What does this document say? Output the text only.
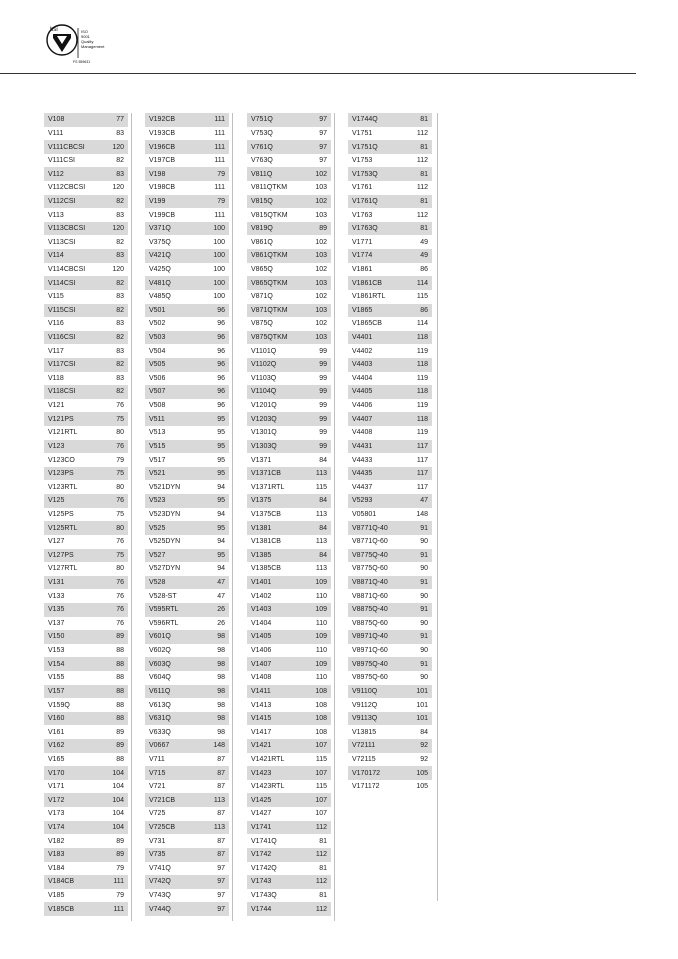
bsi	ISO
9001
Quality
Management
FS 559631
V108	77
V111	83
V111CBCSI	120
V111CSI	82
V112	83
V112CBCSI	120
V112CSI	82
V113	83
V113CBCSI	120
V113CSI	82
V114	83
V114CBCSI	120
V114CSI	82
V115	83
V115CSI	82
V116	83
V116CSI	82
V117	83
V117CSI	82
V118	83
V118CSI	82
V121	76
V121PS	75
V121RTL	80
V123	76
V123CO	79
V123PS	75
V123RTL	80
V125	76
V125PS	75
V125RTL	80
V127	76
V127PS	75
V127RTL	80
V131	76
V133	76
V135	76
V137	76
V150	89
V153	88
V154	88
V155	88
V157	88
V159Q	88
V160	88
V161	89
V162	89
V165	88
V170	104
V171	104
V172	104
V173	104
V174	104
V182	89
V183	89
V184	79
V184CB	111
V185	79
V185CB	111
V192CB	111
V193CB	111
V196CB	111
V197CB	111
V198	79
V198CB	111
V199	79
V199CB	111
V371Q	100
V375Q	100
V421Q	100
V425Q	100
V481Q	100
V485Q	100
V501	96
V502	96
V503	96
V504	96
V505	96
V506	96
V507	96
V508	96
V511	95
V513	95
V515	95
V517	95
V521	95
V521DYN	94
V523	95
V523DYN	94
V525	95
V525DYN	94
V527	95
V527DYN	94
V528	47
V528-ST	47
V595RTL	26
V596RTL	26
V601Q	98
V602Q	98
V603Q	98
V604Q	98
V611Q	98
V613Q	98
V631Q	98
V633Q	98
V0667	148
V711	87
V715	87
V721	87
V721CB	113
V725	87
V725CB	113
V731	87
V735	87
V741Q	97
V742Q	97
V743Q	97
V744Q	97
V751Q	97
V753Q	97
V761Q	97
V763Q	97
V811Q	102
V811QTKM	103
V815Q	102
V815QTKM	103
V819Q	89
V861Q	102
V861QTKM	103
V865Q	102
V865QTKM	103
V871Q	102
V871QTKM	103
V875Q	102
V875QTKM	103
V1101Q	99
V1102Q	99
V1103Q	99
V1104Q	99
V1201Q	99
V1203Q	99
V1301Q	99
V1303Q	99
V1371	84
V1371CB	113
V1371RTL	115
V1375	84
V1375CB	113
V1381	84
V1381CB	113
V1385	84
V1385CB	113
V1401	109
V1402	110
V1403	109
V1404	110
V1405	109
V1406	110
V1407	109
V1408	110
V1411	108
V1413	108
V1415	108
V1417	108
V1421	107
V1421RTL	115
V1423	107
V1423RTL	115
V1425	107
V1427	107
V1741	112
V1741Q	81
V1742	112
V1742Q	81
V1743	112
V1743Q	81
V1744	112
V1744Q	81
V1751	112
V1751Q	81
V1753	112
V1753Q	81
V1761	112
V1761Q	81
V1763	112
V1763Q	81
V1771	49
V1774	49
V1861	86
V1861CB	114
V1861RTL	115
V1865	86
V1865CB	114
V4401	118
V4402	119
V4403	118
V4404	119
V4405	118
V4406	119
V4407	118
V4408	119
V4431	117
V4433	117
V4435	117
V4437	117
V5293	47
V05801	148
V8771Q-40	91
V8771Q-60	90
V8775Q-40	91
V8775Q-60	90
V8871Q-40	91
V8871Q-60	90
V8875Q-40	91
V8875Q-60	90
V8971Q-40	91
V8971Q-60	90
V8975Q-40	91
V8975Q-60	90
V9110Q	101
V9112Q	101
V9113Q	101
V13815	84
V72111	92
V72115	92
V170172	105
V171172	105
